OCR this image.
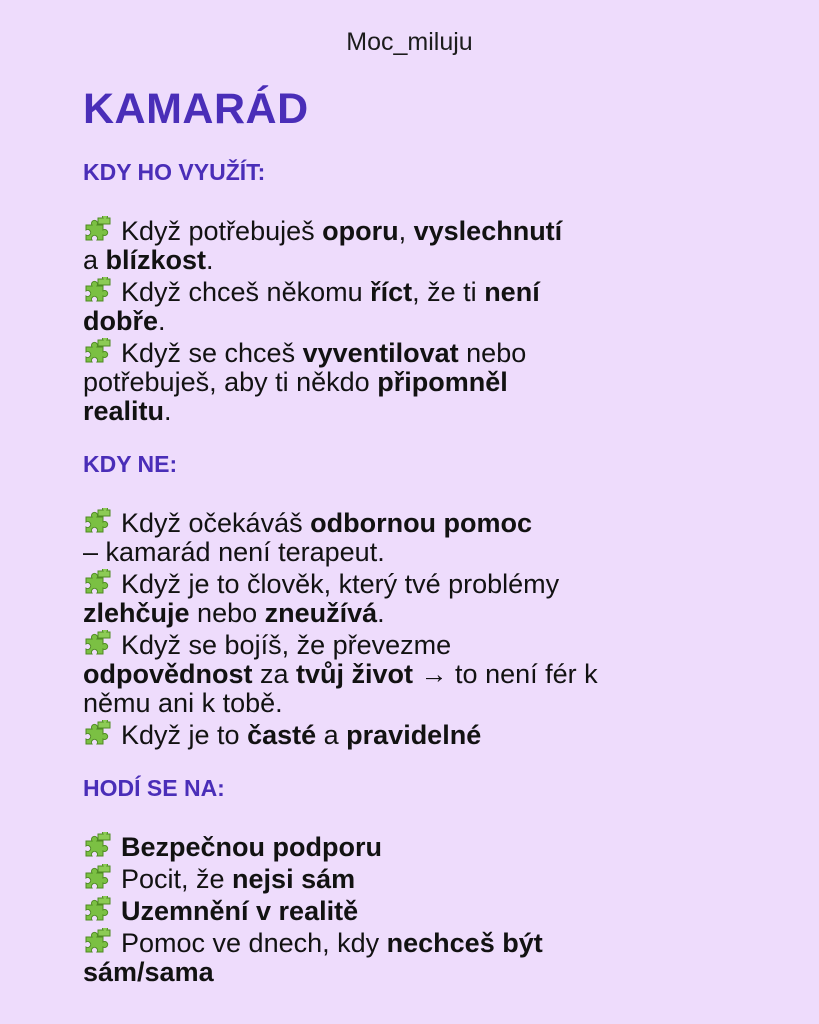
Moc_miluju
KAMARÁD
KDY HO VYUŽÍT:
Když potřebuješ oporu, vyslechnutí
a blízkost.
Když chceš někomu říct, že ti není
dobře.
Když se chceš vyventilovat nebo
potřebuješ, aby ti někdo připomněl
realitu.
KDY NE:
Když očekáváš odbornou pomoc
– kamarád není terapeut.
Když je to člověk, který tvé problémy
zlehčuje nebo zneužívá.
Když se bojíš, že převezme
odpovědnost za tvůj život → to není fér k
němu ani k tobě.
Když je to časté a pravidelné
HODÍ SE NA:
Bezpečnou podporu
Pocit, že nejsi sám
Uzemnění v realitě
Pomoc ve dnech, kdy nechceš být
sám/sama
